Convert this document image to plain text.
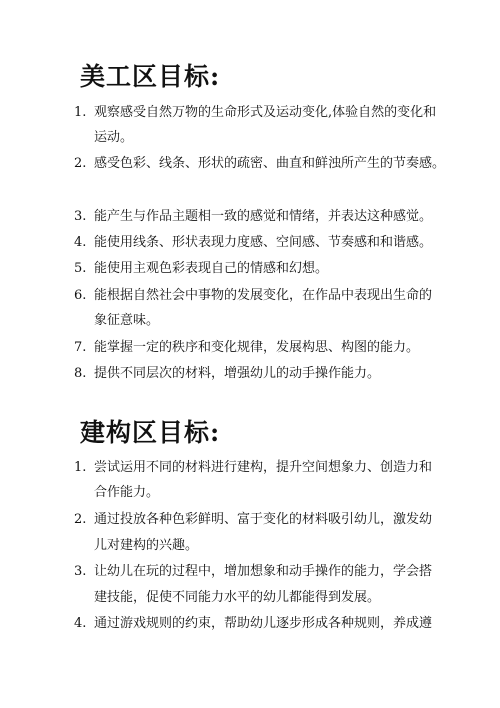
美工区目标:
1. 观察感受自然万物的生命形式及运动变化,体验自然的变化和
运动。
2. 感受色彩、线条、形状的疏密、曲直和鲜浊所产生的节奏感。
3. 能产生与作品主题相一致的感觉和情绪，并表达这种感觉。
4. 能使用线条、形状表现力度感、空间感、节奏感和和谐感。
5. 能使用主观色彩表现自己的情感和幻想。
6. 能根据自然社会中事物的发展变化，在作品中表现出生命的
象征意味。
7. 能掌握一定的秩序和变化规律，发展构思、构图的能力。
8. 提供不同层次的材料，增强幼儿的动手操作能力。
建构区目标:
1. 尝试运用不同的材料进行建构，提升空间想象力、创造力和
合作能力。
2. 通过投放各种色彩鲜明、富于变化的材料吸引幼儿，激发幼
儿对建构的兴趣。
3. 让幼儿在玩的过程中，增加想象和动手操作的能力，学会搭
建技能，促使不同能力水平的幼儿都能得到发展。
4. 通过游戏规则的约束，帮助幼儿逐步形成各种规则，养成遵
